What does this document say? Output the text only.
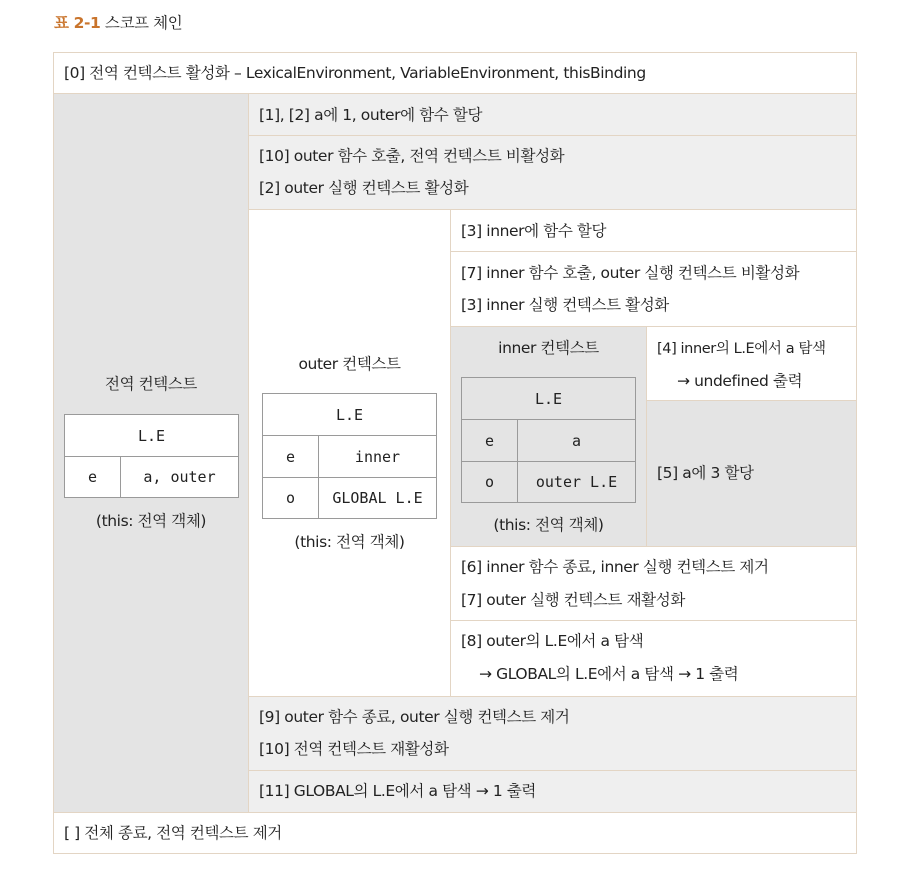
표 2-1 스코프 체인
[0] 전역 컨텍스트 활성화 – LexicalEnvironment, VariableEnvironment, thisBinding
[1], [2] a에 1, outer에 함수 할당
[10] outer 함수 호출, 전역 컨텍스트 비활성화
[2] outer 실행 컨텍스트 활성화
[3] inner에 함수 할당
[7] inner 함수 호출, outer 실행 컨텍스트 비활성화
[3] inner 실행 컨텍스트 활성화
[4] inner의 L.E에서 a 탐색
→ undefined 출력
[5] a에 3 할당
[6] inner 함수 종료, inner 실행 컨텍스트 제거
[7] outer 실행 컨텍스트 재활성화
[8] outer의 L.E에서 a 탐색
→ GLOBAL의 L.E에서 a 탐색 → 1 출력
[9] outer 함수 종료, outer 실행 컨텍스트 제거
[10] 전역 컨텍스트 재활성화
[11] GLOBAL의 L.E에서 a 탐색 → 1 출력
[ ] 전체 종료, 전역 컨텍스트 제거
전역 컨텍스트
L.E
e	a, outer
(this: 전역 객체)
outer 컨텍스트
L.E
e	inner
o	GLOBAL L.E
(this: 전역 객체)
inner 컨텍스트
L.E
e	a
o	outer L.E
(this: 전역 객체)
